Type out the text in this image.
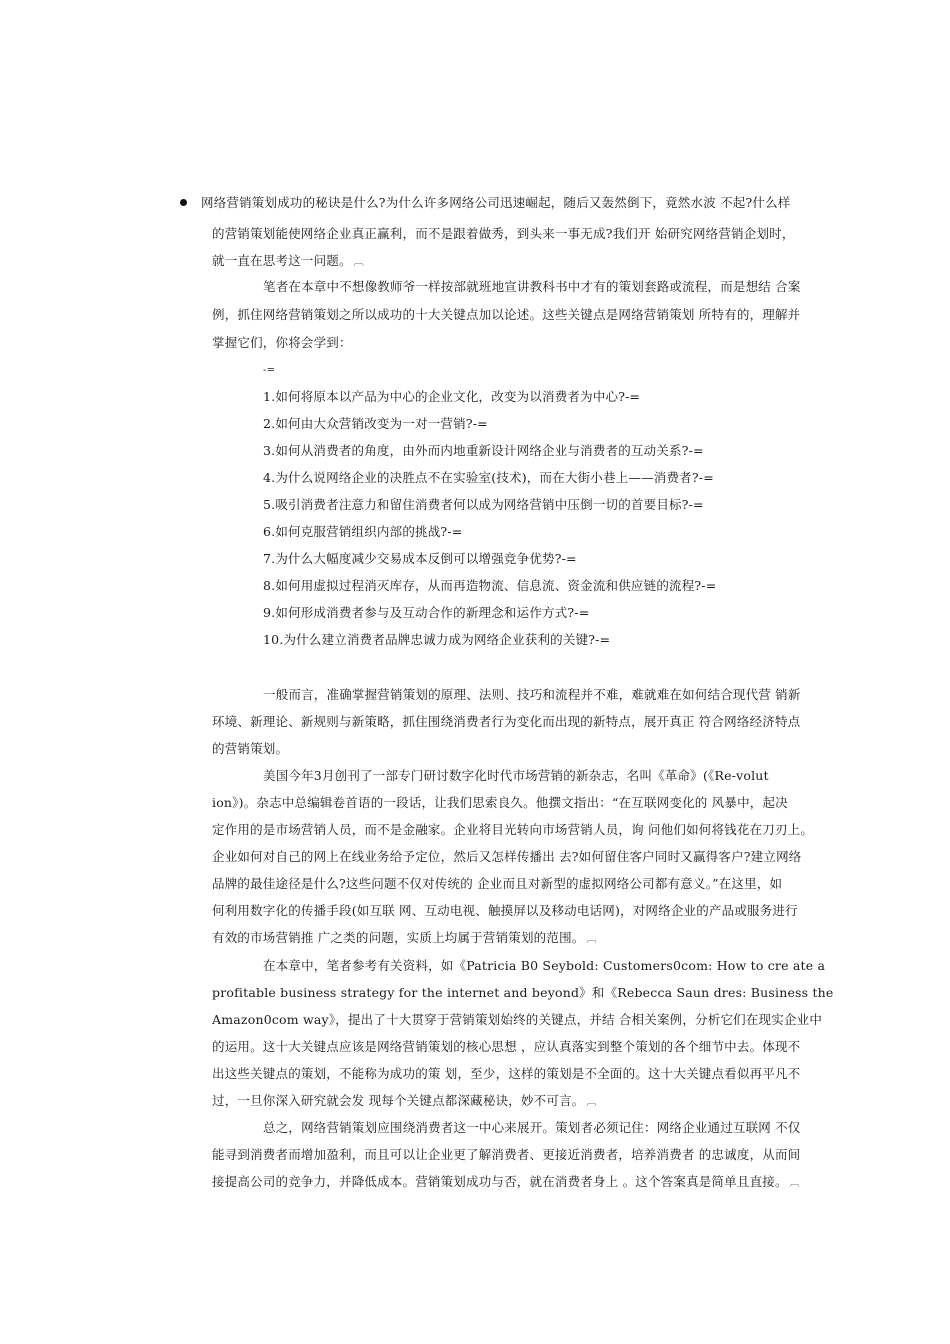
网络营销策划成功的秘诀是什么?为什么许多网络公司迅速崛起，随后又轰然倒下，竟然水波 不起?什么样
的营销策划能使网络企业真正赢利，而不是跟着做秀，到头来一事无成?我们开 始研究网络营销企划时，
就一直在思考这一问题。 ︹
笔者在本章中不想像教师爷一样按部就班地宣讲教科书中才有的策划套路或流程，而是想结 合案
例，抓住网络营销策划之所以成功的十大关键点加以论述。这些关键点是网络营销策划 所特有的，理解并
掌握它们，你将会学到：
-=
1.如何将原本以产品为中心的企业文化，改变为以消费者为中心?-=
2.如何由大众营销改变为一对一营销?-=
3.如何从消费者的角度，由外而内地重新设计网络企业与消费者的互动关系?-=
4.为什么说网络企业的决胜点不在实验室(技术)，而在大街小巷上——消费者?-=
5.吸引消费者注意力和留住消费者何以成为网络营销中压倒一切的首要目标?-=
6.如何克服营销组织内部的挑战?-=
7.为什么大幅度减少交易成本反倒可以增强竞争优势?-=
8.如何用虚拟过程消灭库存，从而再造物流、信息流、资金流和供应链的流程?-=
9.如何形成消费者参与及互动合作的新理念和运作方式?-=
10.为什么建立消费者品牌忠诚力成为网络企业获利的关键?-=
一般而言，准确掌握营销策划的原理、法则、技巧和流程并不难，难就难在如何结合现代营 销新
环境、新理论、新规则与新策略，抓住围绕消费者行为变化而出现的新特点，展开真正 符合网络经济特点
的营销策划。
美国今年3月创刊了一部专门研讨数字化时代市场营销的新杂志，名叫《革命》(《Re-volut
ion》)。杂志中总编辑卷首语的一段话，让我们思索良久。他撰文指出：“在互联网变化的 风暴中，起决
定作用的是市场营销人员，而不是金融家。企业将目光转向市场营销人员，询 问他们如何将钱花在刀刃上。
企业如何对自己的网上在线业务给予定位，然后又怎样传播出 去?如何留住客户同时又赢得客户?建立网络
品牌的最佳途径是什么?这些问题不仅对传统的 企业而且对新型的虚拟网络公司都有意义。”在这里，如
何利用数字化的传播手段(如互联 网、互动电视、触摸屏以及移动电话网)，对网络企业的产品或服务进行
有效的市场营销推 广之类的问题，实质上均属于营销策划的范围。 ︹
在本章中，笔者参考有关资料，如《Patricia B0 Seybold: Customers0com: How to cre ate a
profitable business strategy for the internet and beyond》和《Rebecca Saun dres: Business the
Amazon0com way》，提出了十大贯穿于营销策划始终的关键点，并结 合相关案例，分析它们在现实企业中
的运用。这十大关键点应该是网络营销策划的核心思想 ，应认真落实到整个策划的各个细节中去。体现不
出这些关键点的策划，不能称为成功的策 划，至少，这样的策划是不全面的。这十大关键点看似再平凡不
过，一旦你深入研究就会发 现每个关键点都深藏秘诀，妙不可言。 ︹
总之，网络营销策划应围绕消费者这一中心来展开。策划者必须记住：网络企业通过互联网 不仅
能寻到消费者而增加盈利，而且可以让企业更了解消费者、更接近消费者，培养消费者 的忠诚度，从而间
接提高公司的竞争力，并降低成本。营销策划成功与否，就在消费者身上 。这个答案真是简单且直接。 ︹
